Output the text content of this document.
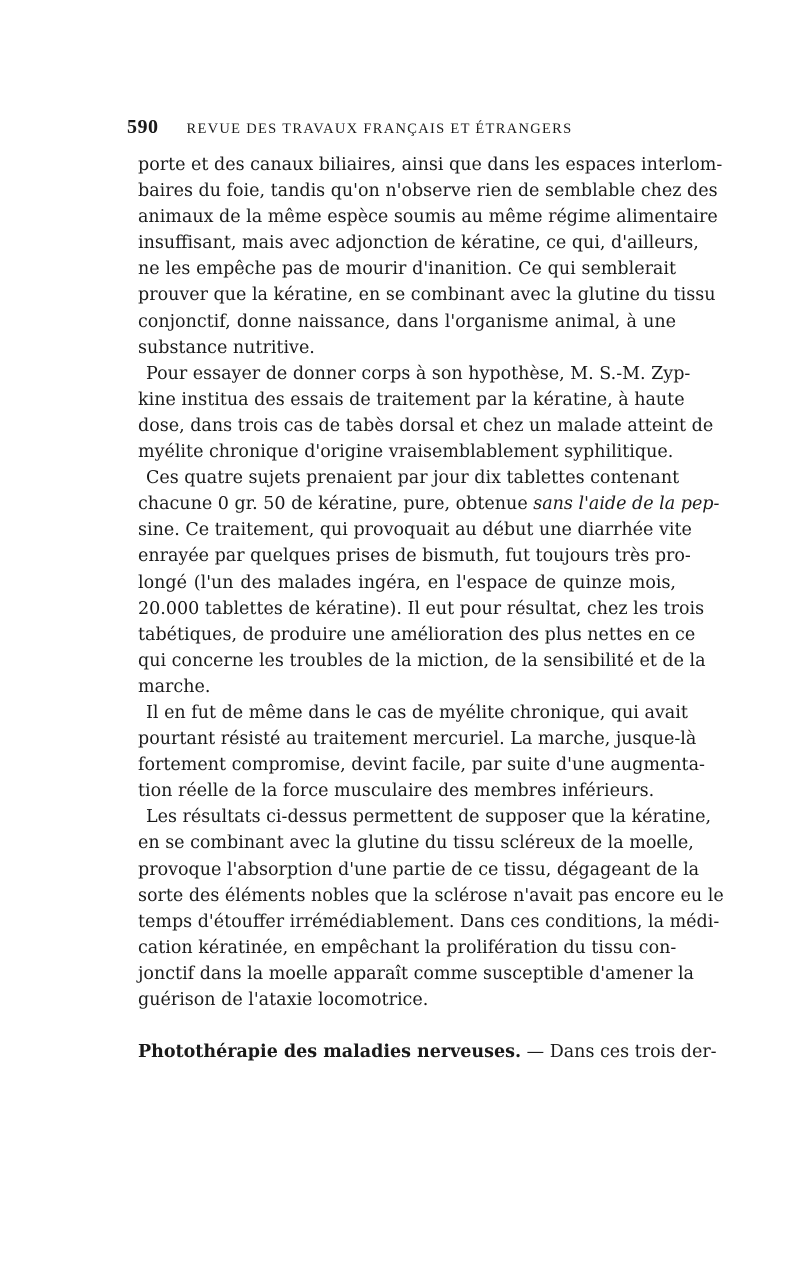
590 REVUE DES TRAVAUX FRANÇAIS ET ÉTRANGERS
porte et des canaux biliaires, ainsi que dans les espaces interlom-
baires du foie, tandis qu'on n'observe rien de semblable chez des
animaux de la même espèce soumis au même régime alimentaire
insuffisant, mais avec adjonction de kératine, ce qui, d'ailleurs,
ne les empêche pas de mourir d'inanition. Ce qui semblerait
prouver que la kératine, en se combinant avec la glutine du tissu
conjonctif, donne naissance, dans l'organisme animal, à une
substance nutritive.
Pour essayer de donner corps à son hypothèse, M. S.-M. Zyp-
kine institua des essais de traitement par la kératine, à haute
dose, dans trois cas de tabès dorsal et chez un malade atteint de
myélite chronique d'origine vraisemblablement syphilitique.
Ces quatre sujets prenaient par jour dix tablettes contenant
chacune 0 gr. 50 de kératine, pure, obtenue sans l'aide de la pep-
sine. Ce traitement, qui provoquait au début une diarrhée vite
enrayée par quelques prises de bismuth, fut toujours très pro-
longé (l'un des malades ingéra, en l'espace de quinze mois,
20.000 tablettes de kératine). Il eut pour résultat, chez les trois
tabétiques, de produire une amélioration des plus nettes en ce
qui concerne les troubles de la miction, de la sensibilité et de la
marche.
Il en fut de même dans le cas de myélite chronique, qui avait
pourtant résisté au traitement mercuriel. La marche, jusque-là
fortement compromise, devint facile, par suite d'une augmenta-
tion réelle de la force musculaire des membres inférieurs.
Les résultats ci-dessus permettent de supposer que la kératine,
en se combinant avec la glutine du tissu scléreux de la moelle,
provoque l'absorption d'une partie de ce tissu, dégageant de la
sorte des éléments nobles que la sclérose n'avait pas encore eu le
temps d'étouffer irrémédiablement. Dans ces conditions, la médi-
cation kératinée, en empêchant la prolifération du tissu con-
jonctif dans la moelle apparaît comme susceptible d'amener la
guérison de l'ataxie locomotrice.
Photothérapie des maladies nerveuses. — Dans ces trois der-
